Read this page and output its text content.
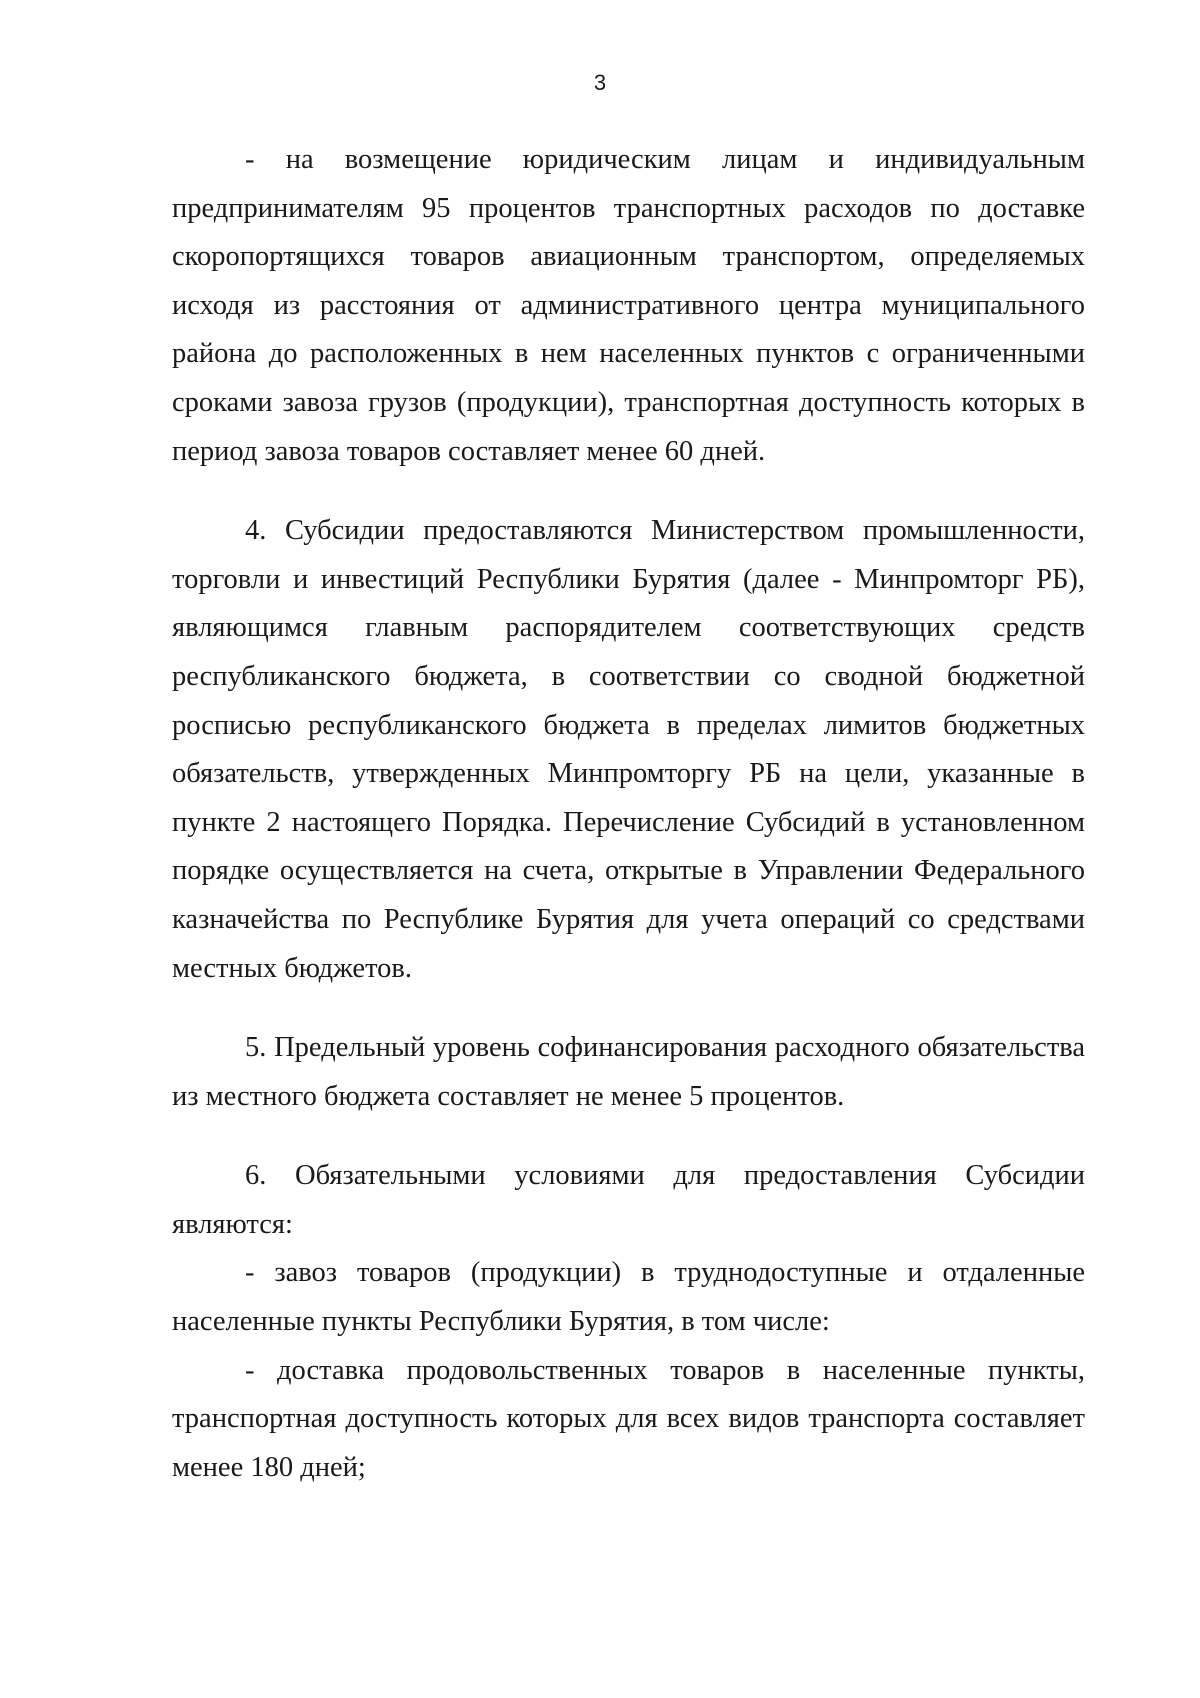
3

- на возмещение юридическим лицам и индивидуальным предпринимателям 95 процентов транспортных расходов по доставке скоропортящихся товаров авиационным транспортом, определяемых исходя из расстояния от административного центра муниципального района до расположенных в нем населенных пунктов с ограниченными сроками завоза грузов (продукции), транспортная доступность которых в период завоза товаров составляет менее 60 дней.

4. Субсидии предоставляются Министерством промышленности, торговли и инвестиций Республики Бурятия (далее - Минпромторг РБ), являющимся главным распорядителем соответствующих средств республиканского бюджета, в соответствии со сводной бюджетной росписью республиканского бюджета в пределах лимитов бюджетных обязательств, утвержденных Минпромторгу РБ на цели, указанные в пункте 2 настоящего Порядка. Перечисление Субсидий в установленном порядке осуществляется на счета, открытые в Управлении Федерального казначейства по Республике Бурятия для учета операций со средствами местных бюджетов.

5. Предельный уровень софинансирования расходного обязательства из местного бюджета составляет не менее 5 процентов.

6. Обязательными условиями для предоставления Субсидии являются:

- завоз товаров (продукции) в труднодоступные и отдаленные населенные пункты Республики Бурятия, в том числе:

- доставка продовольственных товаров в населенные пункты, транспортная доступность которых для всех видов транспорта составляет менее 180 дней;
